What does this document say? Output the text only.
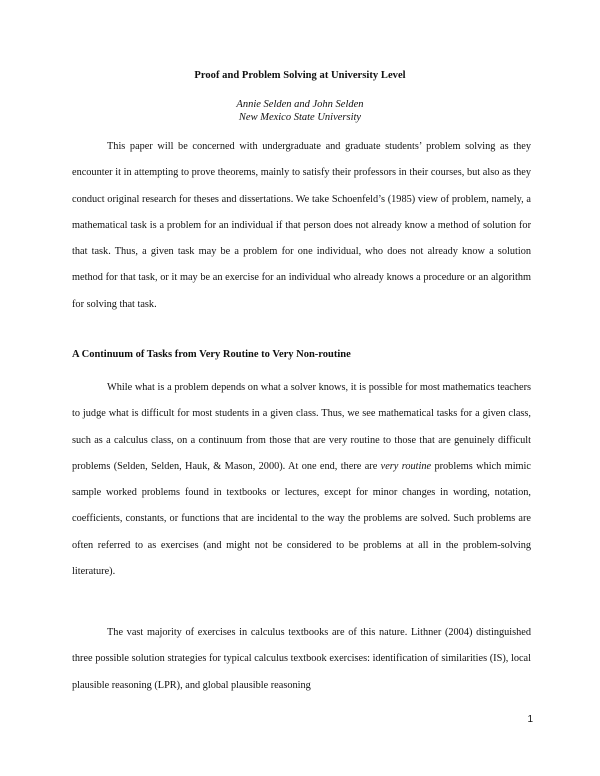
Proof and Problem Solving at University Level
Annie Selden and John Selden
New Mexico State University

This paper will be concerned with undergraduate and graduate students’ problem solving as they encounter it in attempting to prove theorems, mainly to satisfy their professors in their courses, but also as they conduct original research for theses and dissertations. We take Schoenfeld’s (1985) view of problem, namely, a mathematical task is a problem for an individual if that person does not already know a method of solution for that task. Thus, a given task may be a problem for one individual, who does not already know a solution method for that task, or it may be an exercise for an individual who already knows a procedure or an algorithm for solving that task.

A Continuum of Tasks from Very Routine to Very Non-routine

While what is a problem depends on what a solver knows, it is possible for most mathematics teachers to judge what is difficult for most students in a given class. Thus, we see mathematical tasks for a given class, such as a calculus class, on a continuum from those that are very routine to those that are genuinely difficult problems (Selden, Selden, Hauk, & Mason, 2000). At one end, there are very routine problems which mimic sample worked problems found in textbooks or lectures, except for minor changes in wording, notation, coefficients, constants, or functions that are incidental to the way the problems are solved. Such problems are often referred to as exercises (and might not be considered to be problems at all in the problem-solving literature).

The vast majority of exercises in calculus textbooks are of this nature. Lithner (2004) distinguished three possible solution strategies for typical calculus textbook exercises: identification of similarities (IS), local plausible reasoning (LPR), and global plausible reasoning

1
